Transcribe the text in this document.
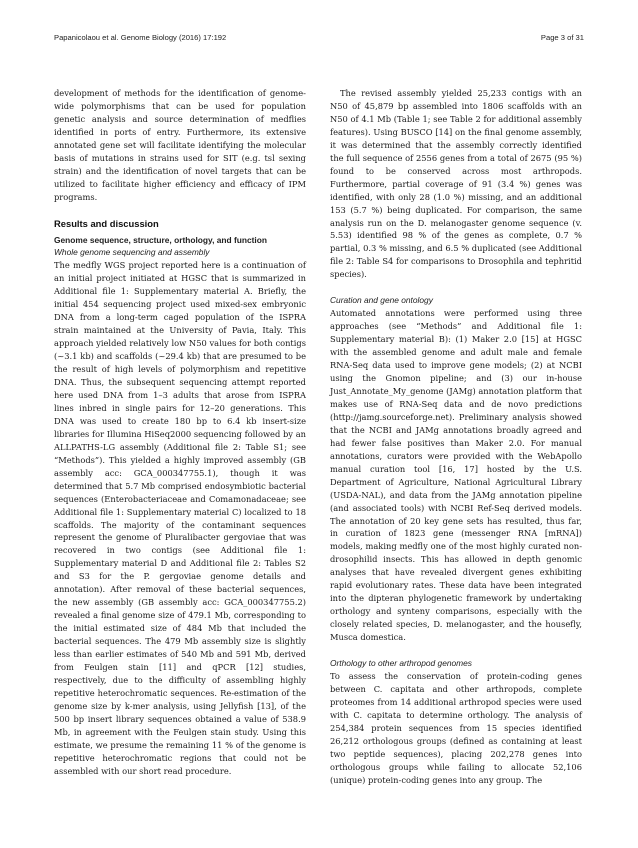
Papanicolaou et al. Genome Biology (2016) 17:192	Page 3 of 31

development of methods for the identification of genome-wide polymorphisms that can be used for population genetic analysis and source determination of medflies identified in ports of entry. Furthermore, its extensive annotated gene set will facilitate identifying the molecular basis of mutations in strains used for SIT (e.g. tsl sexing strain) and the identification of novel targets that can be utilized to facilitate higher efficiency and efficacy of IPM programs.

Results and discussion
Genome sequence, structure, orthology, and function
Whole genome sequencing and assembly

The medfly WGS project reported here is a continuation of an initial project initiated at HGSC that is summarized in Additional file 1: Supplementary material A. Briefly, the initial 454 sequencing project used mixed-sex embryonic DNA from a long-term caged population of the ISPRA strain maintained at the University of Pavia, Italy. This approach yielded relatively low N50 values for both contigs (~3.1 kb) and scaffolds (~29.4 kb) that are presumed to be the result of high levels of polymorphism and repetitive DNA. Thus, the subsequent sequencing attempt reported here used DNA from 1–3 adults that arose from ISPRA lines inbred in single pairs for 12–20 generations. This DNA was used to create 180 bp to 6.4 kb insert-size libraries for Illumina HiSeq2000 sequencing followed by an ALLPATHS-LG assembly (Additional file 2: Table S1; see “Methods”). This yielded a highly improved assembly (GB assembly acc: GCA_000347755.1), though it was determined that 5.7 Mb comprised endosymbiotic bacterial sequences (Enterobacteriaceae and Comamonadaceae; see Additional file 1: Supplementary material C) localized to 18 scaffolds. The majority of the contaminant sequences represent the genome of Pluralibacter gergoviae that was recovered in two contigs (see Additional file 1: Supplementary material D and Additional file 2: Tables S2 and S3 for the P. gergoviae genome details and annotation). After removal of these bacterial sequences, the new assembly (GB assembly acc: GCA_000347755.2) revealed a final genome size of 479.1 Mb, corresponding to the initial estimated size of 484 Mb that included the bacterial sequences. The 479 Mb assembly size is slightly less than earlier estimates of 540 Mb and 591 Mb, derived from Feulgen stain [11] and qPCR [12] studies, respectively, due to the difficulty of assembling highly repetitive heterochromatic sequences. Re-estimation of the genome size by k-mer analysis, using Jellyfish [13], of the 500 bp insert library sequences obtained a value of 538.9 Mb, in agreement with the Feulgen stain study. Using this estimate, we presume the remaining 11 % of the genome is repetitive heterochromatic regions that could not be assembled with our short read procedure.

The revised assembly yielded 25,233 contigs with an N50 of 45,879 bp assembled into 1806 scaffolds with an N50 of 4.1 Mb (Table 1; see Table 2 for additional assembly features). Using BUSCO [14] on the final genome assembly, it was determined that the assembly correctly identified the full sequence of 2556 genes from a total of 2675 (95 %) found to be conserved across most arthropods. Furthermore, partial coverage of 91 (3.4 %) genes was identified, with only 28 (1.0 %) missing, and an additional 153 (5.7 %) being duplicated. For comparison, the same analysis run on the D. melanogaster genome sequence (v. 5.53) identified 98 % of the genes as complete, 0.7 % partial, 0.3 % missing, and 6.5 % duplicated (see Additional file 2: Table S4 for comparisons to Drosophila and tephritid species).

Curation and gene ontology

Automated annotations were performed using three approaches (see “Methods” and Additional file 1: Supplementary material B): (1) Maker 2.0 [15] at HGSC with the assembled genome and adult male and female RNA-Seq data used to improve gene models; (2) at NCBI using the Gnomon pipeline; and (3) our in-house Just_Annotate_My_genome (JAMg) annotation platform that makes use of RNA-Seq data and de novo predictions (http://jamg.sourceforge.net). Preliminary analysis showed that the NCBI and JAMg annotations broadly agreed and had fewer false positives than Maker 2.0. For manual annotations, curators were provided with the WebApollo manual curation tool [16, 17] hosted by the U.S. Department of Agriculture, National Agricultural Library (USDA-NAL), and data from the JAMg annotation pipeline (and associated tools) with NCBI Ref-Seq derived models. The annotation of 20 key gene sets has resulted, thus far, in curation of 1823 gene (messenger RNA [mRNA]) models, making medfly one of the most highly curated non-drosophilid insects. This has allowed in depth genomic analyses that have revealed divergent genes exhibiting rapid evolutionary rates. These data have been integrated into the dipteran phylogenetic framework by undertaking orthology and synteny comparisons, especially with the closely related species, D. melanogaster, and the housefly, Musca domestica.

Orthology to other arthropod genomes

To assess the conservation of protein-coding genes between C. capitata and other arthropods, complete proteomes from 14 additional arthropod species were used with C. capitata to determine orthology. The analysis of 254,384 protein sequences from 15 species identified 26,212 orthologous groups (defined as containing at least two peptide sequences), placing 202,278 genes into orthologous groups while failing to allocate 52,106 (unique) protein-coding genes into any group. The
